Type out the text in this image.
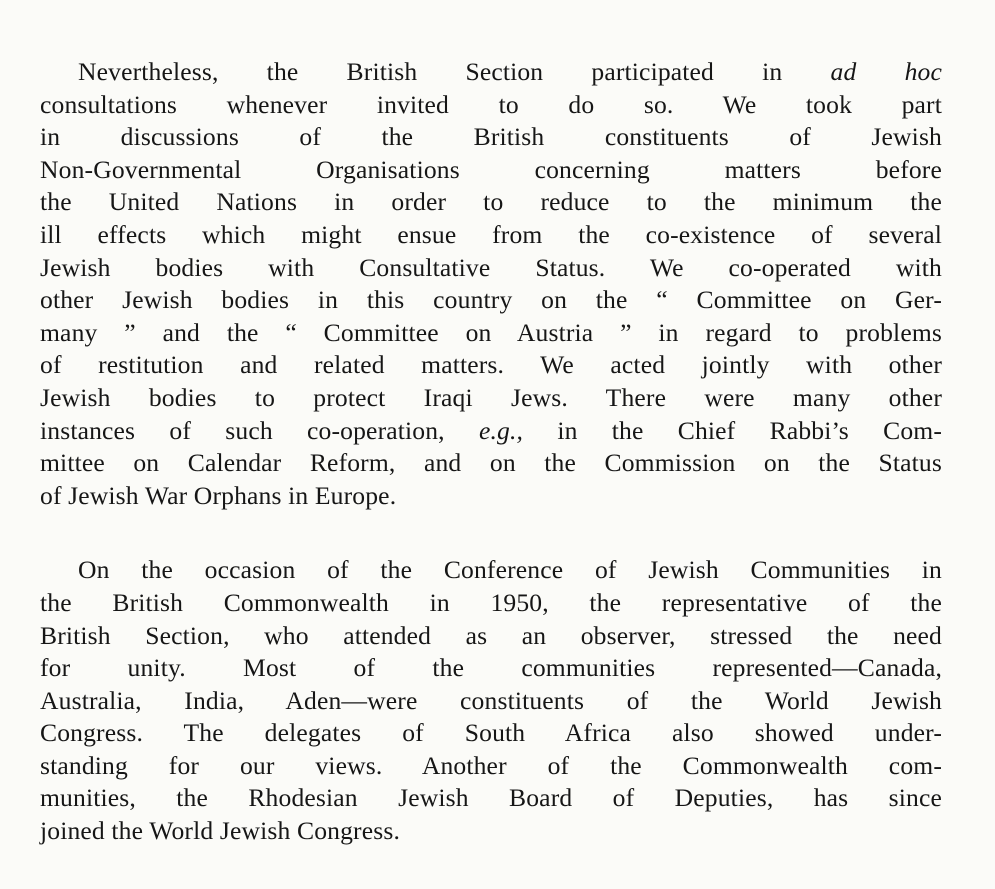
Nevertheless, the British Section participated in ad hoc
consultations whenever invited to do so. We took part
in discussions of the British constituents of Jewish
Non-Governmental Organisations concerning matters before
the United Nations in order to reduce to the minimum the
ill effects which might ensue from the co-existence of several
Jewish bodies with Consultative Status. We co-operated with
other Jewish bodies in this country on the “ Committee on Ger-
many ” and the “ Committee on Austria ” in regard to problems
of restitution and related matters. We acted jointly with other
Jewish bodies to protect Iraqi Jews. There were many other
instances of such co-operation, e.g., in the Chief Rabbi’s Com-
mittee on Calendar Reform, and on the Commission on the Status
of Jewish War Orphans in Europe.

On the occasion of the Conference of Jewish Communities in
the British Commonwealth in 1950, the representative of the
British Section, who attended as an observer, stressed the need
for unity. Most of the communities represented—Canada,
Australia, India, Aden—were constituents of the World Jewish
Congress. The delegates of South Africa also showed under-
standing for our views. Another of the Commonwealth com-
munities, the Rhodesian Jewish Board of Deputies, has since
joined the World Jewish Congress.
